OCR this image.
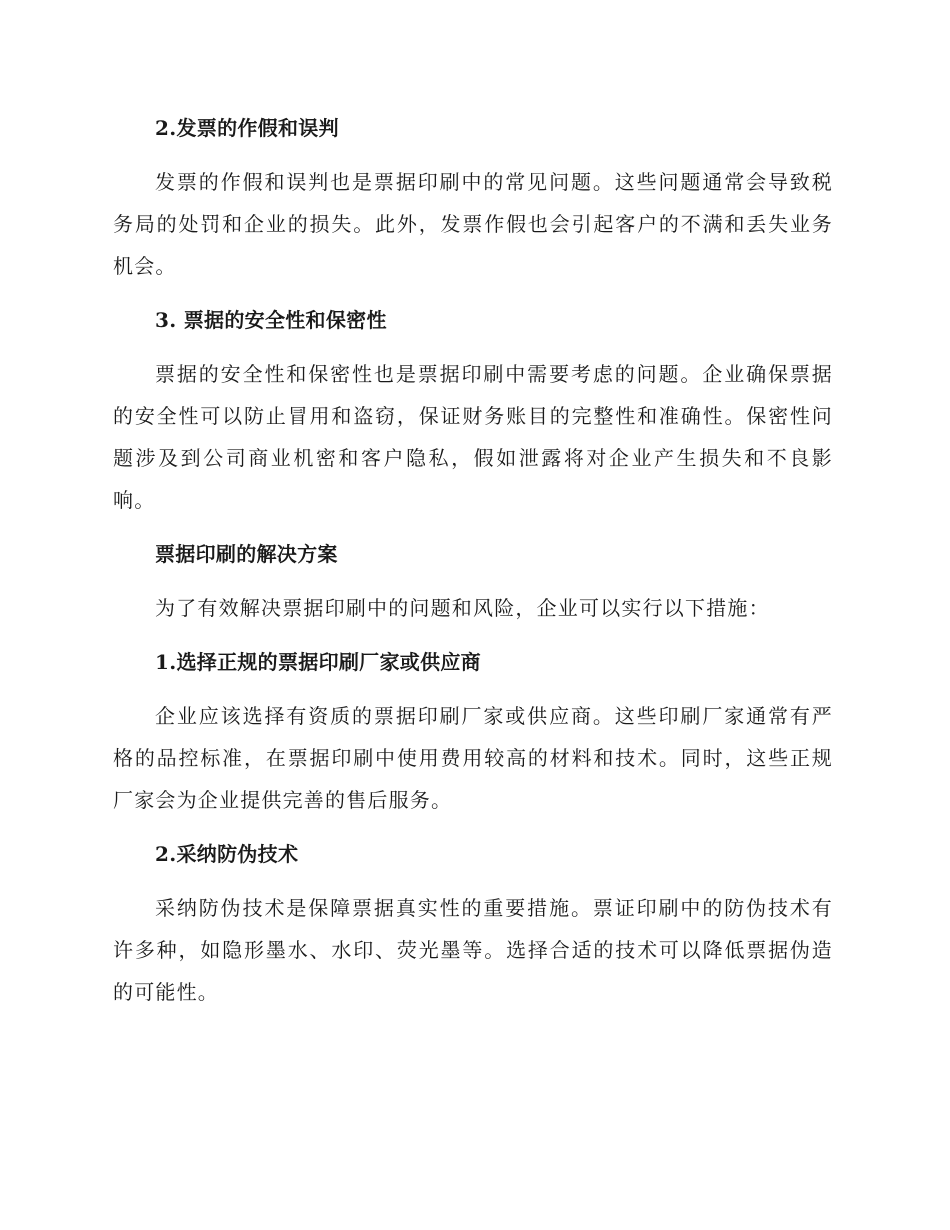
2.发票的作假和误判
发票的作假和误判也是票据印刷中的常见问题。这些问题通常会导致税务局的处罚和企业的损失。此外，发票作假也会引起客户的不满和丢失业务机会。
3. 票据的安全性和保密性
票据的安全性和保密性也是票据印刷中需要考虑的问题。企业确保票据的安全性可以防止冒用和盗窃，保证财务账目的完整性和准确性。保密性问题涉及到公司商业机密和客户隐私，假如泄露将对企业产生损失和不良影响。
票据印刷的解决方案
为了有效解决票据印刷中的问题和风险，企业可以实行以下措施：
1.选择正规的票据印刷厂家或供应商
企业应该选择有资质的票据印刷厂家或供应商。这些印刷厂家通常有严格的品控标准，在票据印刷中使用费用较高的材料和技术。同时，这些正规厂家会为企业提供完善的售后服务。
2.采纳防伪技术
采纳防伪技术是保障票据真实性的重要措施。票证印刷中的防伪技术有许多种，如隐形墨水、水印、荧光墨等。选择合适的技术可以降低票据伪造的可能性。
